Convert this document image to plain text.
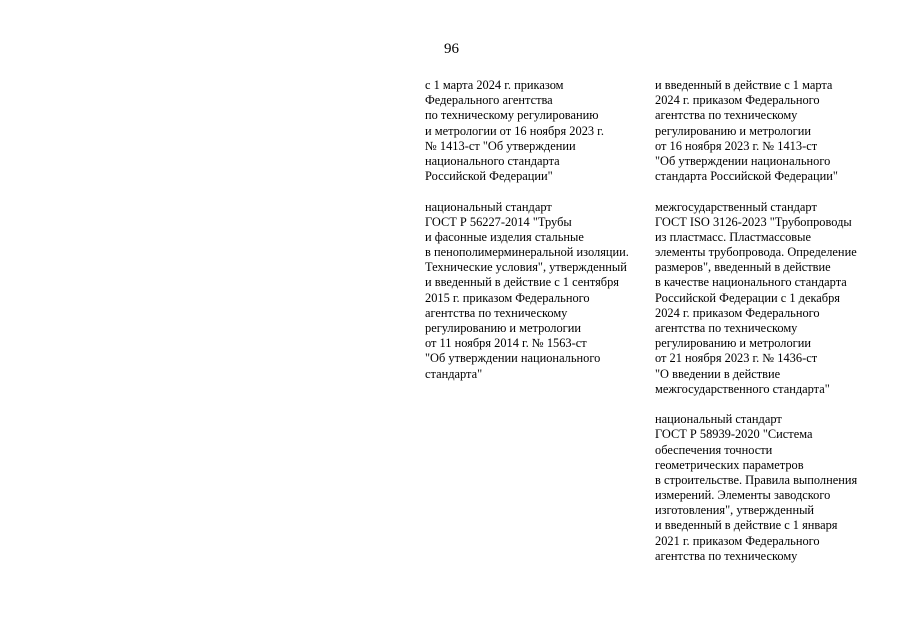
96
с 1 марта 2024 г. приказом
Федерального агентства
по техническому регулированию
и метрологии от 16 ноября 2023 г.
№ 1413-ст "Об утверждении
национального стандарта
Российской Федерации"
национальный стандарт
ГОСТ Р 56227-2014 "Трубы
и фасонные изделия стальные
в пенополимерминеральной изоляции.
Технические условия", утвержденный
и введенный в действие с 1 сентября
2015 г. приказом Федерального
агентства по техническому
регулированию и метрологии
от 11 ноября 2014 г. № 1563-ст
"Об утверждении национального
стандарта"
и введенный в действие с 1 марта
2024 г. приказом Федерального
агентства по техническому
регулированию и метрологии
от 16 ноября 2023 г. № 1413-ст
"Об утверждении национального
стандарта Российской Федерации"
межгосударственный стандарт
ГОСТ ISO 3126-2023 "Трубопроводы
из пластмасс. Пластмассовые
элементы трубопровода. Определение
размеров", введенный в действие
в качестве национального стандарта
Российской Федерации с 1 декабря
2024 г. приказом Федерального
агентства по техническому
регулированию и метрологии
от 21 ноября 2023 г. № 1436-ст
"О введении в действие
межгосударственного стандарта"
национальный стандарт
ГОСТ Р 58939-2020 "Система
обеспечения точности
геометрических параметров
в строительстве. Правила выполнения
измерений. Элементы заводского
изготовления", утвержденный
и введенный в действие с 1 января
2021 г. приказом Федерального
агентства по техническому
